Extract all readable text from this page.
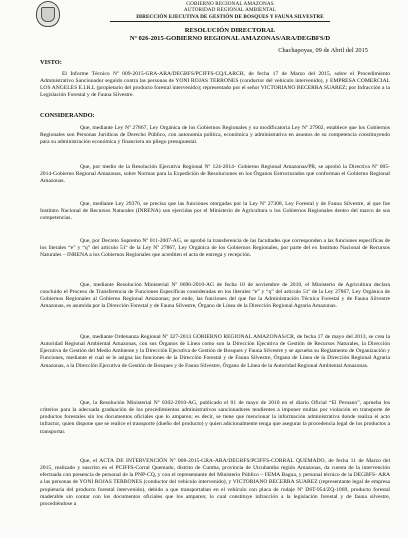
GOBIERNO REGIONAL AMAZONAS
AUTORIDAD REGIONAL AMBIENTAL
DIRECCIÓN EJECUTIVA DE GESTIÓN DE BOSQUES Y FAUNA SILVESTRE
RESOLUCIÓN DIRECTORAL
Nº 026-2015-GOBIERNO REGIONAL AMAZONAS/ARA/DEGBFS/D
Chachapoyas, 09 de Abril del 2015
VISTO:
El Informe Técnico Nº 009-2015-GRA-ARA/DEGBFS/PCIFFS-CQ/LARCH, de fecha 17 de Marzo del 2015, sobre el Procedimiento Administrativo Sancionador seguido contra las personas de YONI ROJAS TERRONES (conductor del vehículo intervenido), y EMPRESA COMERCIAL LOS ANGELES E.I.R.L (propietario del producto forestal intervenido); representado por el señor VICTORIANO BECERRA SUAREZ; por Infracción a la Legislación Forestal y de Fauna Silvestre.
CONSIDERANDO:
Que, mediante Ley Nº 27867, Ley Orgánica de los Gobiernos Regionales y su modificatoria Ley Nº 27902, establece que los Gobiernos Regionales son Personas Jurídicas de Derecho Público, con autonomía política, económica y administrativa en asuntos de su competencia constituyendo para su administración económica y financiera un pliego presupuestal.
Que, por medio de la Resolución Ejecutiva Regional Nº 124-2014- Gobierno Regional Amazonas/PR, se aprobó la Directiva Nº 005-2014-Gobierno Regional Amazonas, sobre Normas para la Expedición de Resoluciones en los Órganos Estructurados que conforman el Gobierno Regional Amazonas.
Que, mediante Ley 29376, se precisa que las funciones otorgadas por la Ley Nº 27308, Ley Forestal y de Fauna Silvestre, al que fue Instituto Nacional de Recursos Naturales (INRENA) son ejercidas por el Ministerio de Agricultura o los Gobiernos Regionales dentro del marco de sus competencias.
Que, por Decreto Supremo Nº 011-2007-AG, se aprobó la transferencia de las facultades que corresponden a las funciones específicas de los literales “e” y “q” del artículo 51º de la Ley Nº 27867, Ley Orgánica de los Gobiernos Regionales, por parte del ex Instituto Nacional de Recursos Naturales – INRENA a los Gobiernos Regionales que acrediten el acta de entrega y recepción.
Que, mediante Resolución Ministerial Nº 0696-2010-AG de fecha 10 de noviembre de 2010, el Ministerio de Agricultura declara concluido el Proceso de Transferencia de Funciones Específicas consideradas en los literales “e” y “q” del artículo 51º de la Ley 27867, Ley Orgánica de Gobiernos Regionales al Gobierno Regional Amazonas; por ende, las funciones del que fue la Administración Técnica Forestal y de Fauna Silvestre Amazonas, es asumida por la Dirección Forestal y de Fauna Silvestre, Órgano de Línea de la Dirección Regional Agraria Amazonas.
Que, mediante Ordenanza Regional Nº 327-2013 GOBIERNO REGIONAL AMAZONAS/CR, de fecha 17 de mayo del 2013, se crea la Autoridad Regional Ambiental Amazonas, con sus Órganos de Línea como son la Dirección Ejecutiva de Gestión de Recursos Naturales, la Dirección Ejecutiva de Gestión del Medio Ambiente y la Dirección Ejecutiva de Gestión de Bosques y Fauna Silvestre y se aprueba su Reglamento de Organización y Funciones, mediante el cual se le asigna las funciones de la Dirección Forestal y de Fauna Silvestre, Órgano de Línea de la Dirección Regional Agraria Amazonas, a la Dirección Ejecutiva de Gestión de Bosques y de Fauna Silvestre, Órgano de Línea de la Autoridad Regional Ambiental Amazonas.
Que, la Resolución Ministerial Nº 0302-2010-AG, publicado el 01 de mayo de 2010 en el diario Oficial “El Peruano”, aprueba los criterios para la adecuada graduación de los procedimientos administrativos sancionadores tendientes a imponer multas por violación en transporte de productos forestales sin los documentos oficiales que lo amparen; es decir, se tiene que mencionar la información administrativa donde realiza el acto infractor, quien dispone que se realice el transporte (dueño del producto) y quien adicionalmente tenga que asegurar la procedencia legal de los productos a transportar.
Que, el ACTA DE INTERVENCIÓN Nº 008-2015-GRA-ARA/DEGBFS/PCIFFS-CORRAL QUEMADO, de fecha 11 de Marzo del 2015, realizado y suscrito en el PCIFFS-Corral Quemado, distrito de Cumba, provincia de Utcubamba región Amazonas, da cuenta de la intervención efectuada con presencia de personal de la PNP-CQ, y con el representante del Ministerio Público – FEMA Bagua, y personal técnico de la DEGBFS- ARA a las personas de YONI ROJAS TERRONES (conductor del vehículo intervenido), y VICTORIANO BECERRA SUAREZ (representante legal de empresa propietaria del producto forestal intervenido), debido a que transportaban en el vehículo con placa de rodaje Nº D6T-954/ZQ-1069, producto forestal maderable sin contar con los documentos oficiales que los amparen; lo cual constituye infracción a la legislación forestal y de fauna silvestre, procediéndose a
